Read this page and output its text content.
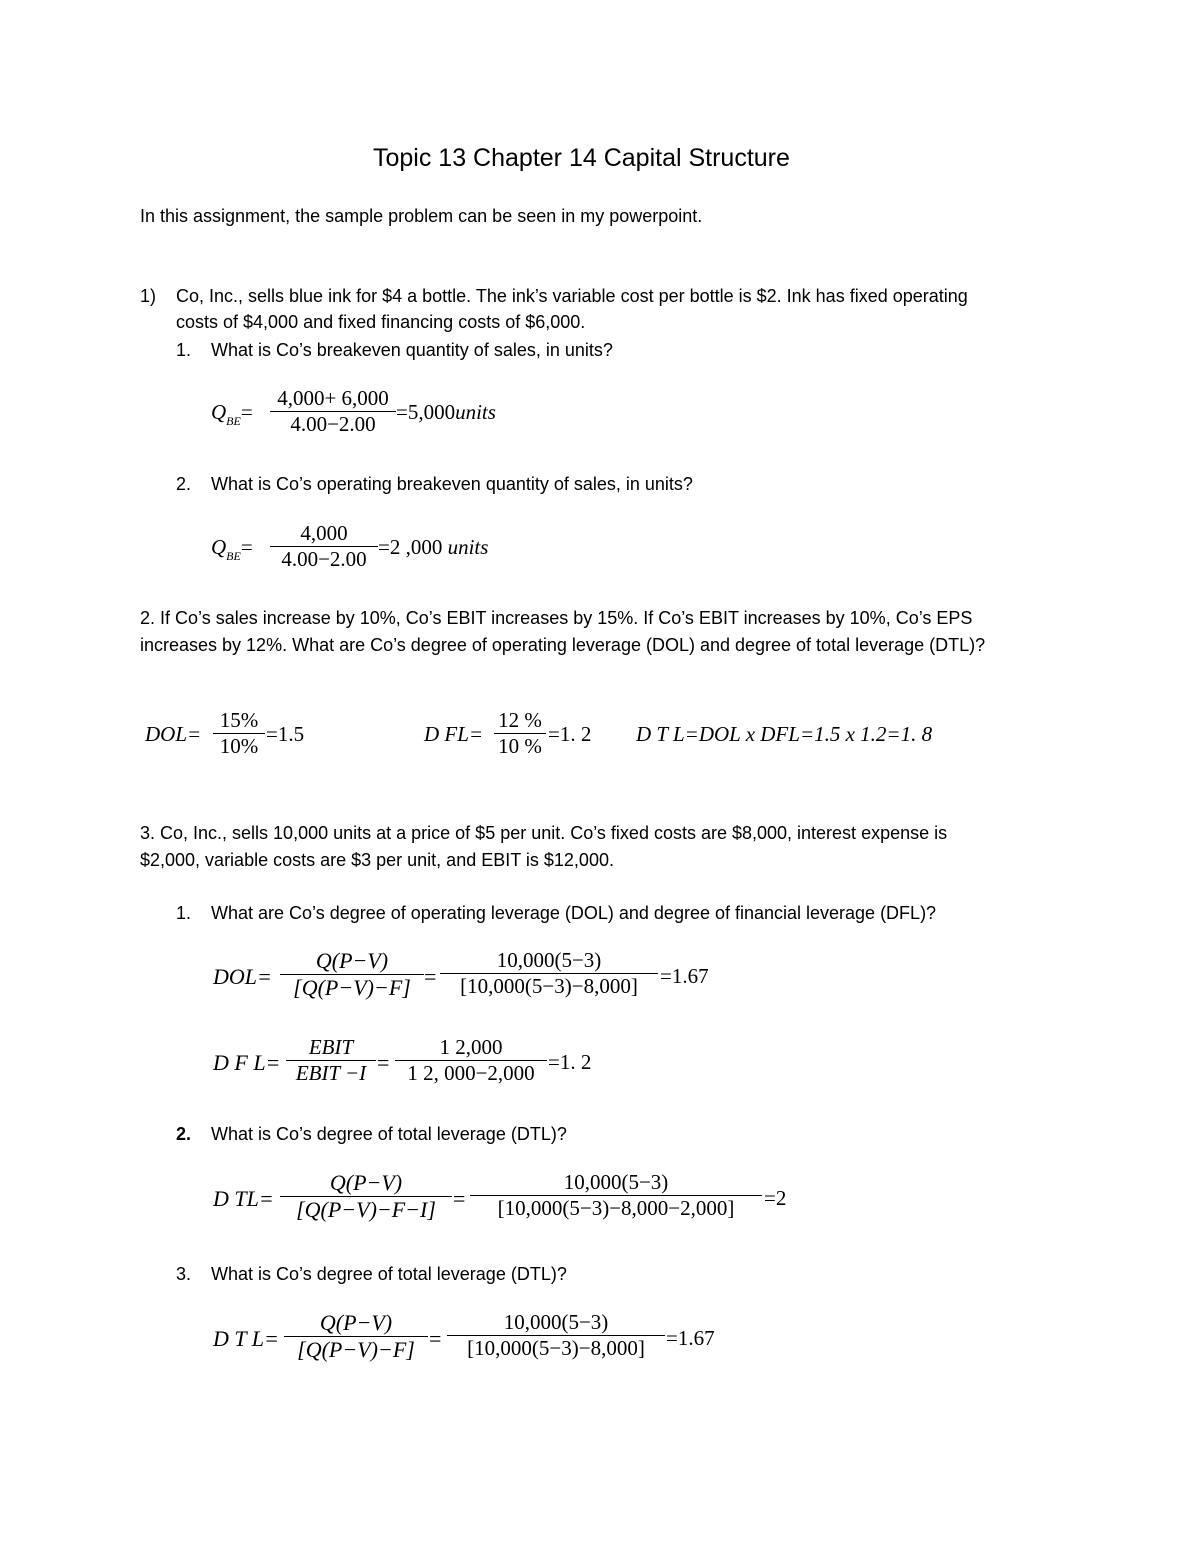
Topic 13 Chapter 14 Capital Structure
In this assignment, the sample problem can be seen in my powerpoint.
1) Co, Inc., sells blue ink for $4 a bottle. The ink’s variable cost per bottle is $2. Ink has fixed operating
costs of $4,000 and fixed financing costs of $6,000.
1. What is Co’s breakeven quantity of sales, in units?
$Q_{BE}= \frac{4,000+ 6,000}{4.00-2.00}$ =5,000units
2. What is Co’s operating breakeven quantity of sales, in units?
$Q_{BE}= \frac{4,000}{4.00-2.00} =2$ ,000 units
2. If Co’s sales increase by 10%, Co’s EBIT increases by 15%. If Co’s EBIT increases by 10%, Co’s EPS
increases by 12%. What are Co’s degree of operating leverage (DOL) and degree of total leverage (DTL)?
$DOL= \frac{15\%}{10\%} =1.5$	D $FL= \frac{12 \%}{10 \%} =1$. 2 D T L=DOL x DFL=1.5 x 1.2=1. 8
3. Co, Inc., sells 10,000 units at a price of $5 per unit. Co’s fixed costs are $8,000, interest expense is
$2,000, variable costs are $3 per unit, and EBIT is $12,000.
1. What are Co’s degree of operating leverage (DOL) and degree of financial leverage (DFL)?
$DOL= \frac{Q(P-V)}{[Q(P-V)-F]} = \frac{10,000(5-3)}{[10,000(5-3)-8,000]} =1.67$
D F L=
EBIT
EBIT $-I = \frac{1 2,000}{1 2, 000-2,000} =1$. 2
2. What is Co’s degree of total leverage (DTL)?
D $TL= \frac{Q(P-V)}{[Q(P-V)-F-I]} = \frac{10,000(5-3)}{[10,000(5-3)-8,000-2,000]} =2$
3. What is Co’s degree of total leverage (DTL)?
D T $L= \frac{Q(P-V)}{[Q(P-V)-F]} = \frac{10,000(5-3)}{[10,000(5-3)-8,000]} =1.67$
